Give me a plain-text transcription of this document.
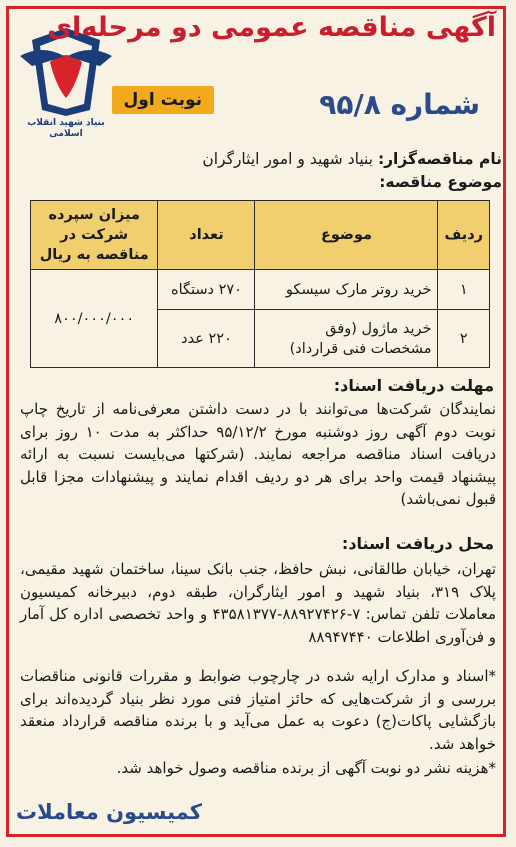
بنیاد شهید انقلاب اسلامی
آگهی مناقصه عمومی دو مرحله‌ای
شماره ۹۵/۸
نوبت اول
نام مناقصه‌گزار: بنیاد شهید و امور ایثارگران
موضوع مناقصه:
ردیف	موضوع	تعداد	میزان سپرده شرکت در مناقصه به ریال
۱	خرید روتر مارک سیسکو	۲۷۰ دستگاه	۸۰۰/۰۰۰/۰۰۰
۲	خرید ماژول (وفق مشخصات فنی قرارداد)	۲۲۰ عدد	
مهلت دریافت اسناد:
نمایندگان شرکت‌ها می‌توانند با در دست داشتن معرفی‌نامه از تاریخ چاپ نوبت دوم آگهی روز دوشنبه مورخ ۹۵/۱۲/۲ حداکثر به مدت ۱۰ روز برای دریافت اسناد مناقصه مراجعه نمایند. (شرکتها می‌بایست نسبت به ارائه پیشنهاد قیمت واحد برای هر دو ردیف اقدام نمایند و پیشنهادات مجزا قابل قبول نمی‌باشد)
محل دریافت اسناد:
تهران، خیابان طالقانی، نبش حافظ، جنب بانک سینا، ساختمان شهید مقیمی، پلاک ۳۱۹، بنیاد شهید و امور ایثارگران، طبقه دوم، دبیرخانه کمیسیون معاملات تلفن تماس: ۷-۸۸۹۲۷۴۲۶-۴۳۵۸۱۳۷۷ و واحد تخصصی اداره کل آمار و فن‌آوری اطلاعات ۸۸۹۴۷۴۴۰
*اسناد و مدارک ارایه شده در چارچوب ضوابط و مقررات قانونی مناقصات بررسی و از شرکت‌هایی که حائز امتیاز فنی مورد نظر بنیاد گردیده‌اند برای بازگشایی پاکات(ج) دعوت به عمل می‌آید و با برنده مناقصه قرارداد منعقد خواهد شد.
*هزینه نشر دو نوبت آگهی از برنده مناقصه وصول خواهد شد.
کمیسیون معاملات
